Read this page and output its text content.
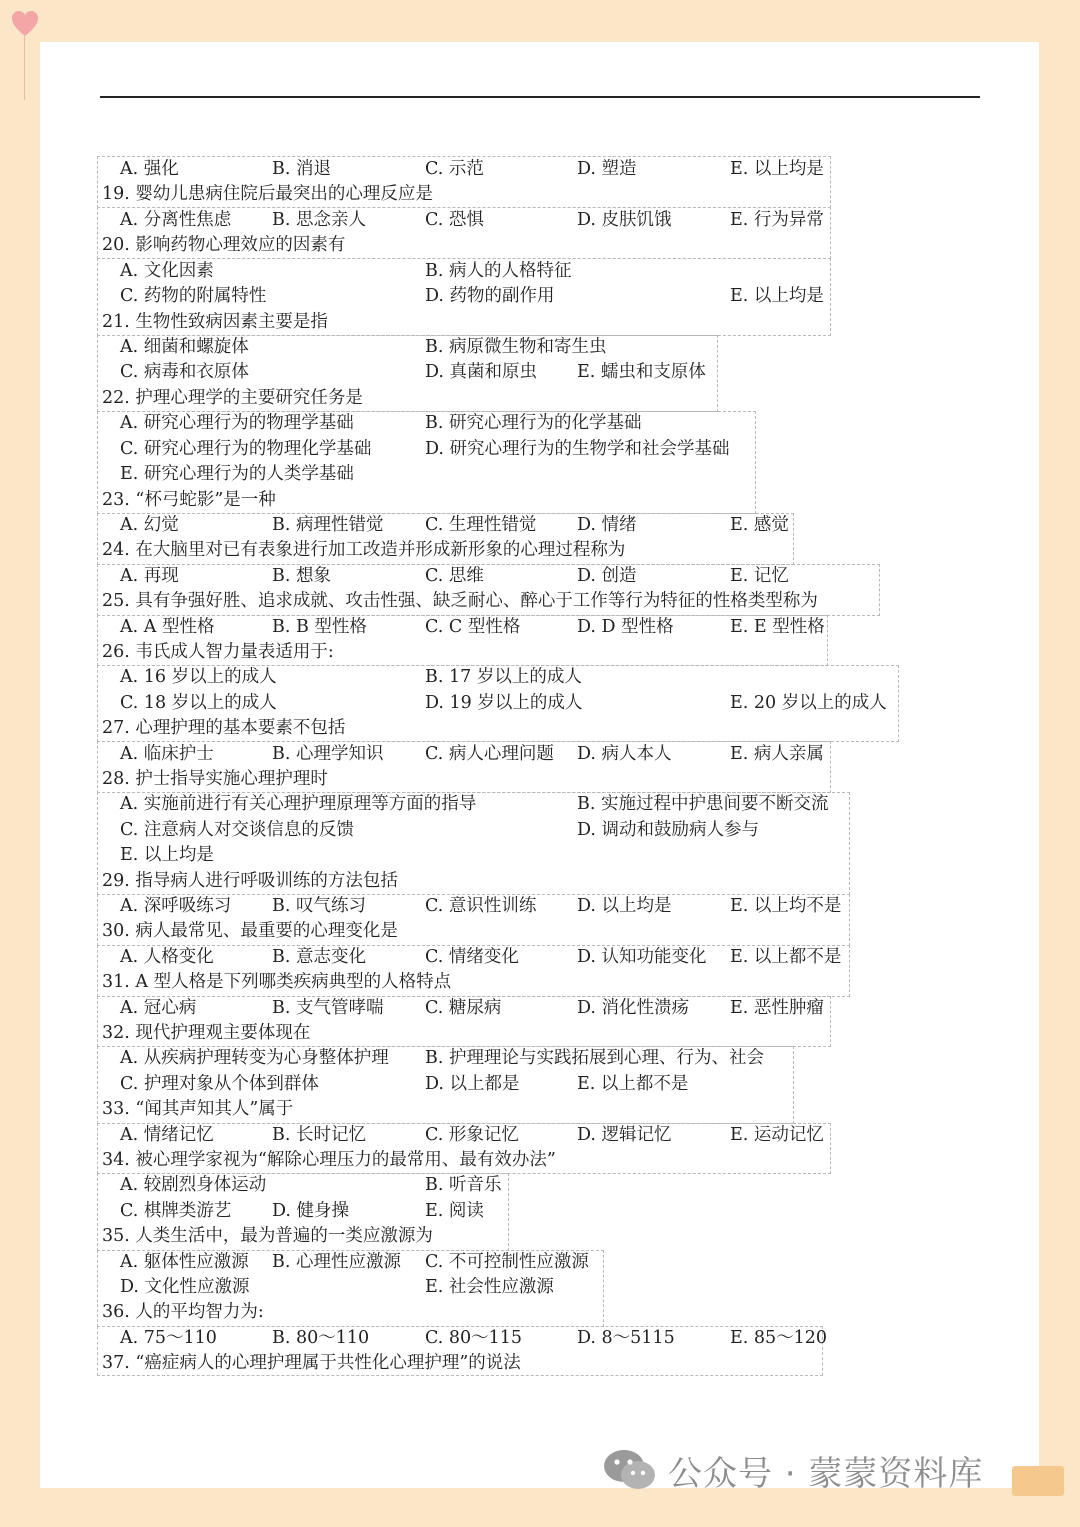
A. 强化	B. 消退	C. 示范	D. 塑造	E. 以上均是
19. 婴幼儿患病住院后最突出的心理反应是
A. 分离性焦虑 B. 思念亲人	C. 恐惧	D. 皮肤饥饿	E. 行为异常
20. 影响药物心理效应的因素有
A. 文化因素	B. 病人的人格特征
C. 药物的附属特性	D. 药物的副作用	E. 以上均是
21. 生物性致病因素主要是指
A. 细菌和螺旋体	B. 病原微生物和寄生虫
C. 病毒和衣原体	D. 真菌和原虫 E. 蠕虫和支原体
22. 护理心理学的主要研究任务是
A. 研究心理行为的物理学基础	B. 研究心理行为的化学基础
C. 研究心理行为的物理化学基础	D. 研究心理行为的生物学和社会学基础
E. 研究心理行为的人类学基础
23. “杯弓蛇影”是一种
A. 幻觉	B. 病理性错觉 C. 生理性错觉 D. 情绪	E. 感觉
24. 在大脑里对已有表象进行加工改造并形成新形象的心理过程称为
A. 再现	B. 想象	C. 思维	D. 创造	E. 记忆
25. 具有争强好胜、追求成就、攻击性强、缺乏耐心、醉心于工作等行为特征的性格类型称为
A. A 型性格	B. B 型性格	C. C 型性格	D. D 型性格	E. E 型性格
26. 韦氏成人智力量表适用于:
A. 16 岁以上的成人	B. 17 岁以上的成人
C. 18 岁以上的成人	D. 19 岁以上的成人	E. 20 岁以上的成人
27. 心理护理的基本要素不包括
A. 临床护士	B. 心理学知识 C. 病人心理问题 D. 病人本人	E. 病人亲属
28. 护士指导实施心理护理时
A. 实施前进行有关心理护理原理等方面的指导	B. 实施过程中护患间要不断交流
C. 注意病人对交谈信息的反馈	D. 调动和鼓励病人参与
E. 以上均是
29. 指导病人进行呼吸训练的方法包括
A. 深呼吸练习 B. 叹气练习	C. 意识性训练 D. 以上均是	E. 以上均不是
30. 病人最常见、最重要的心理变化是
A. 人格变化	B. 意志变化	C. 情绪变化	D. 认知功能变化 E. 以上都不是
31. A 型人格是下列哪类疾病典型的人格特点
A. 冠心病	B. 支气管哮喘 C. 糖尿病	D. 消化性溃疡 E. 恶性肿瘤
32. 现代护理观主要体现在
A. 从疾病护理转变为心身整体护理 B. 护理理论与实践拓展到心理、行为、社会
C. 护理对象从个体到群体	D. 以上都是	E. 以上都不是
33. “闻其声知其人”属于
A. 情绪记忆	B. 长时记忆	C. 形象记忆	D. 逻辑记忆	E. 运动记忆
34. 被心理学家视为“解除心理压力的最常用、最有效办法”
A. 较剧烈身体运动	B. 听音乐
C. 棋牌类游艺 D. 健身操	E. 阅读
35. 人类生活中，最为普遍的一类应激源为
A. 躯体性应激源 B. 心理性应激源 C. 不可控制性应激源
D. 文化性应激源	E. 社会性应激源
36. 人的平均智力为:
A. 75～110	B. 80～110	C. 80～115	D. 8～5115	E. 85～120
37. “癌症病人的心理护理属于共性化心理护理”的说法
公众号 · 蒙蒙资料库
